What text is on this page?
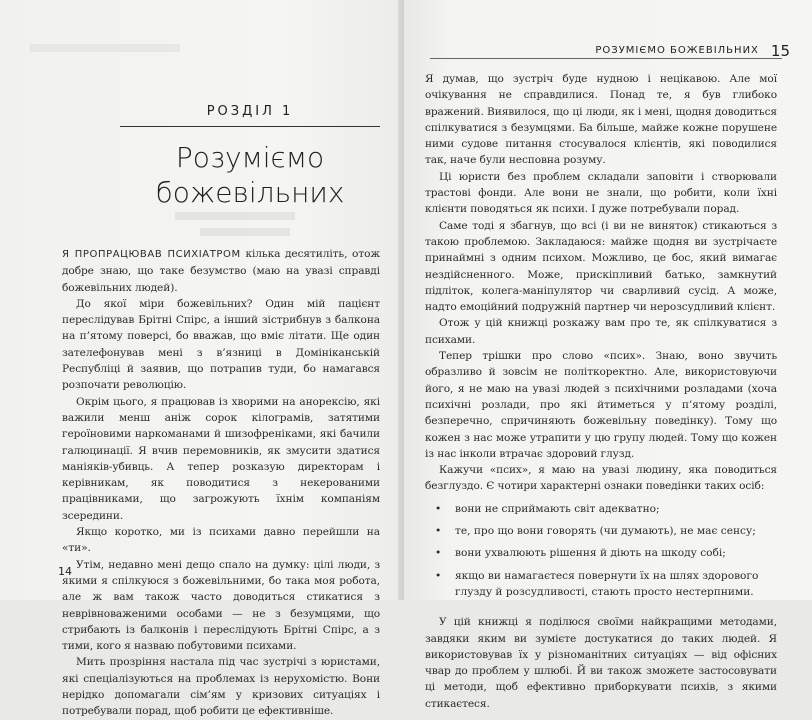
РОЗДІЛ 1
Розуміємо
божевільних

Я ПРОПРАЦЮВАВ ПСИХІАТРОМ кілька десятиліть, отож добре знаю, що таке безумство (маю на увазі справді божевільних людей).

До якої міри божевільних? Один мій пацієнт переслідував Брітні Спірс, а інший зістрибнув з балкона на п’ятому поверсі, бо вважав, що вміє літати. Ще один зателефонував мені з в’язниці в Домініканській Республіці й заявив, що потрапив туди, бо намагався розпочати революцію.

Окрім цього, я працював із хворими на анорексію, які важили менш аніж сорок кілограмів, затятими героїновими наркоманами й шизофреніками, які бачили галюцинації. Я вчив перемовників, як змусити здатися маніяків-убивць. А тепер розказую директорам і керівникам, як поводитися з некерованими працівниками, що загрожують їхнім компаніям зсередини.

Якщо коротко, ми із психами давно перейшли на «ти».

Утім, недавно мені дещо спало на думку: цілі люди, з якими я спілкуюся з божевільними, бо така моя робота, але ж вам також часто доводиться стикатися з неврівноваженими особами — не з безумцями, що стрибають із балконів і переслідують Брітні Спірс, а з тими, кого я назваю побутовими психами.

Мить прозріння настала під час зустрічі з юристами, які спеціалізуються на проблемах із нерухомістю. Вони нерідко допомагали сім’ям у кризових ситуаціях і потребували порад, щоб робити це ефективніше.

14
РОЗУМІЄМО БОЖЕВІЛЬНИХ 15

Я думав, що зустріч буде нудною і нецікавою. Але мої очікування не справдилися. Понад те, я був глибоко вражений. Виявилося, що ці люди, як і мені, щодня доводиться спілкуватися з безумцями. Ба більше, майже кожне порушене ними судове питання стосувалося клієнтів, які поводилися так, наче були несповна розуму.

Ці юристи без проблем складали заповіти і створювали трастові фонди. Але вони не знали, що робити, коли їхні клієнти поводяться як психи. І дуже потребували порад.

Саме тоді я збагнув, що всі (і ви не виняток) стикаються з такою проблемою. Закладаюся: майже щодня ви зустрічаєте принаймні з одним психом. Можливо, це бос, який вимагає нездійсненного. Може, прискіпливий батько, замкнутий підліток, колега-маніпулятор чи сварливий сусід. А може, надто емоційний подружній партнер чи нерозсудливий клієнт.

Отож у цій книжці розкажу вам про те, як спілкуватися з психами.

Тепер трішки про слово «псих». Знаю, воно звучить образливо й зовсім не політкоректно. Але, використовуючи його, я не маю на увазі людей з психічними розладами (хоча психічні розлади, про які йтиметься у п’ятому розділі, безперечно, спричиняють божевільну поведінку). Тому що кожен з нас може утрапити у цю групу людей. Тому що кожен із нас інколи втрачає здоровий глузд.

Кажучи «псих», я маю на увазі людину, яка поводиться безглуздо. Є чотири характерні ознаки поведінки таких осіб:

• вони не сприймають світ адекватно;
• те, про що вони говорять (чи думають), не має сенсу;
• вони ухвалюють рішення й діють на шкоду собі;
• якщо ви намагаєтеся повернути їх на шлях здорового глузду й розсудливості, стають просто нестерпними.

У цій книжці я поділюся своїми найкращими методами, завдяки яким ви зумієте достукатися до таких людей. Я використовував їх у різноманітних ситуаціях — від офісних чвар до проблем у шлюбі. Й ви також зможете застосовувати ці методи, щоб ефективно приборкувати психів, з якими стикаєтеся.
